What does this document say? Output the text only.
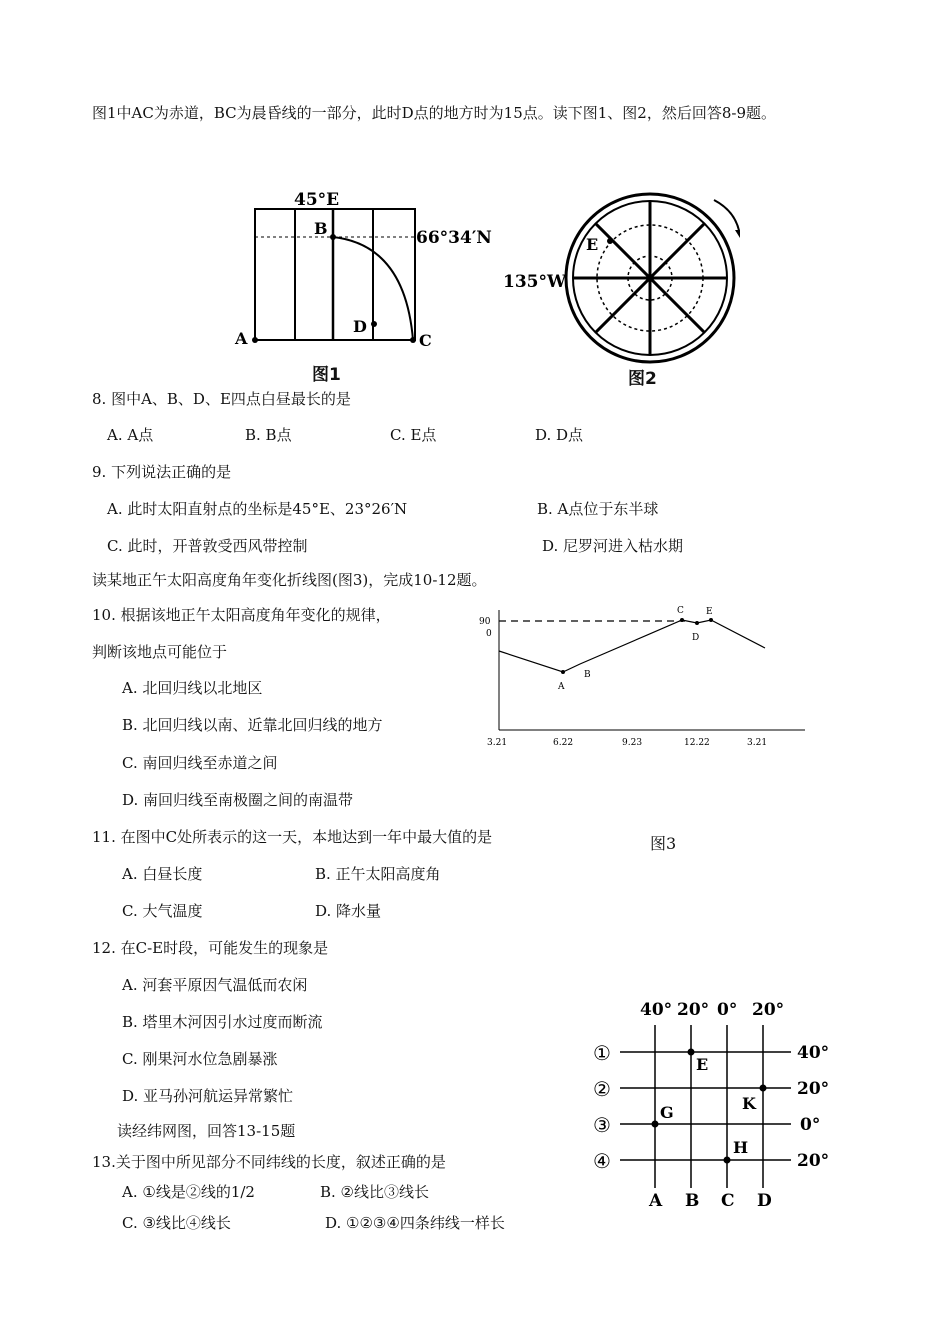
图1中AC为赤道，BC为晨昏线的一部分，此时D点的地方时为15点。读下图1、图2，然后回答8-9题。
45°E
B	66°34′N
D
A	C
图1
E
135°W
图2
8. 图中A、B、D、E四点白昼最长的是
A. A点	B. B点	C. E点	D. D点
9. 下列说法正确的是
A. 此时太阳直射点的坐标是45°E、23°26′N	B. A点位于东半球
C. 此时，开普敦受西风带控制	D. 尼罗河进入枯水期
读某地正午太阳高度角年变化折线图(图3)，完成10-12题。
10. 根据该地正午太阳高度角年变化的规律，
判断该地点可能位于
A. 北回归线以北地区
B. 北回归线以南、近靠北回归线的地方
C. 南回归线至赤道之间
D. 南回归线至南极圈之间的南温带
90
0
A
B
C
D
E
3.21	6.22	9.23	12.22	3.21
图3
11. 在图中C处所表示的这一天，本地达到一年中最大值的是
A. 白昼长度	B. 正午太阳高度角
C. 大气温度	D. 降水量
12. 在C-E时段，可能发生的现象是
A. 河套平原因气温低而农闲
B. 塔里木河因引水过度而断流
C. 刚果河水位急剧暴涨
D. 亚马孙河航运异常繁忙
读经纬网图，回答13-15题
13.关于图中所见部分不同纬线的长度，叙述正确的是
A. ①线是②线的1/2	B. ②线比③线长
C. ③线比④线长	D. ①②③④四条纬线一样长
40° 20° 0° 20°
①
②
③
④
40°
20°
0°
20°
E
K
G
H
A B C D
